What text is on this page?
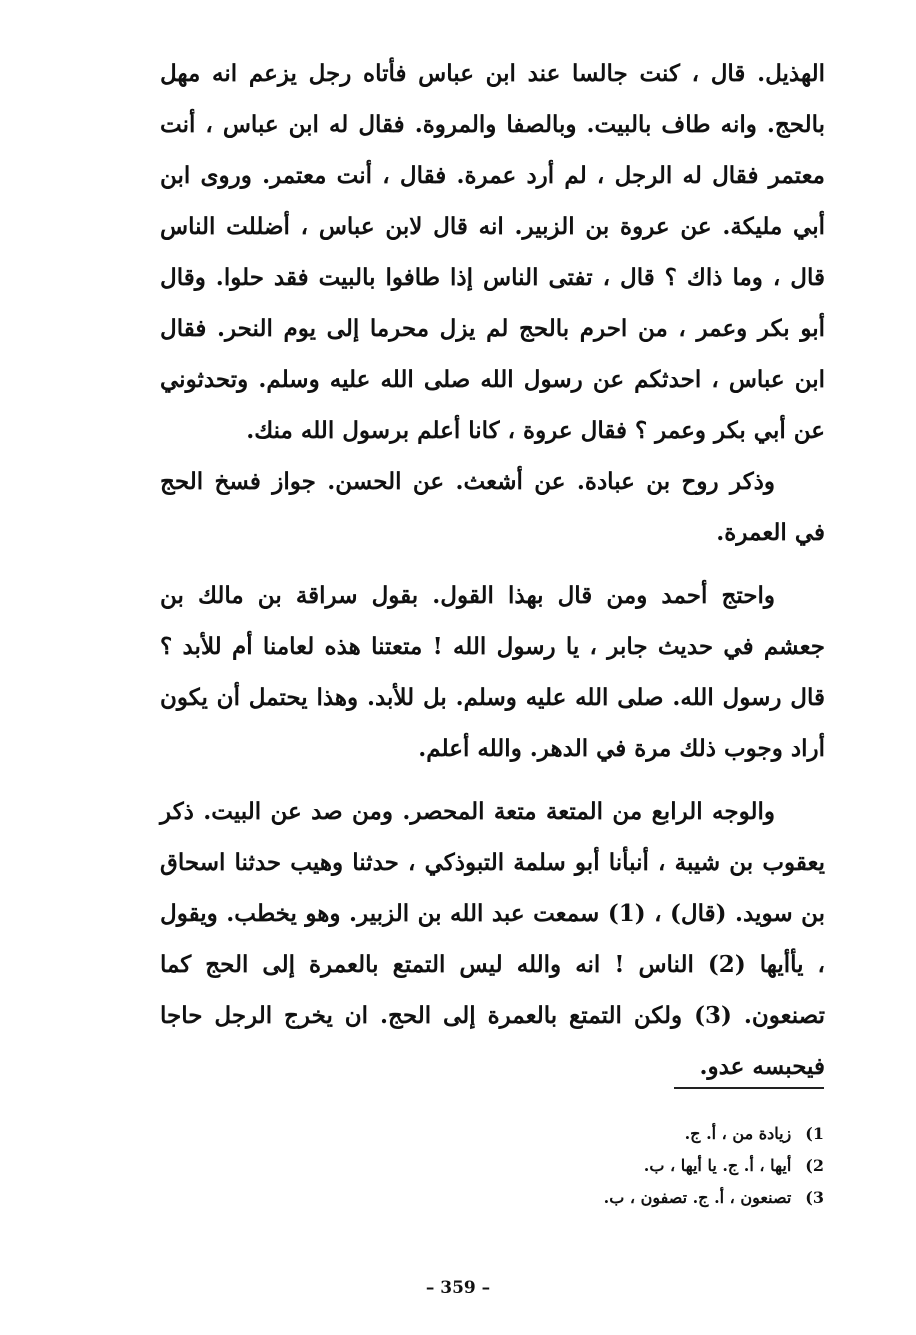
الهذيل. قال ، كنت جالسا عند ابن عباس فأتاه رجل يزعم انه مهل بالحج. وانه طاف بالبيت. وبالصفا والمروة. فقال له ابن عباس ، أنت معتمر فقال له الرجل ، لم أرد عمرة. فقال ، أنت معتمر. وروى ابن أبي مليكة. عن عروة بن الزبير. انه قال لابن عباس ، أضللت الناس قال ، وما ذاك ؟ قال ، تفتى الناس إذا طافوا بالبيت فقد حلوا. وقال أبو بكر وعمر ، من احرم بالحج لم يزل محرما إلى يوم النحر. فقال ابن عباس ، احدثكم عن رسول الله صلى الله عليه وسلم. وتحدثوني عن أبي بكر وعمر ؟ فقال عروة ، كانا أعلم برسول الله منك.

وذكر روح بن عبادة. عن أشعث. عن الحسن. جواز فسخ الحج في العمرة.

واحتج أحمد ومن قال بهذا القول. بقول سراقة بن مالك بن جعشم في حديث جابر ، يا رسول الله ! متعتنا هذه لعامنا أم للأبد ؟ قال رسول الله. صلى الله عليه وسلم. بل للأبد. وهذا يحتمل أن يكون أراد وجوب ذلك مرة في الدهر. والله أعلم.

والوجه الرابع من المتعة متعة المحصر. ومن صد عن البيت. ذكر يعقوب بن شيبة ، أنبأنا أبو سلمة التبوذكي ، حدثنا وهيب حدثنا اسحاق بن سويد. (قال) ، (1) سمعت عبد الله بن الزبير. وهو يخطب. ويقول ، يأأيها (2) الناس ! انه والله ليس التمتع بالعمرة إلى الحج كما تصنعون. (3) ولكن التمتع بالعمرة إلى الحج. ان يخرج الرجل حاجا فيحبسه عدو.

1)
زيادة من ، أ. ج.
2)
أيها ، أ. ج. يا أيها ، ب.
3)
تصنعون ، أ. ج. تصفون ، ب.
– 359 –
